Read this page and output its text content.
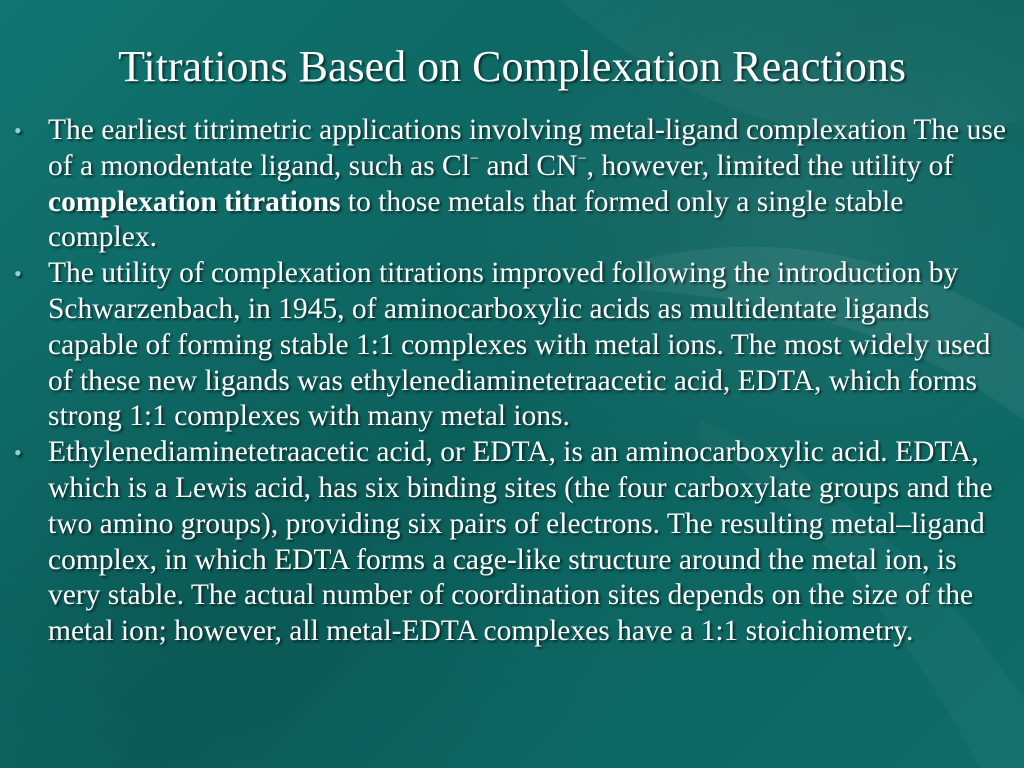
Titrations Based on Complexation Reactions
• The earliest titrimetric applications involving metal-ligand complexation The use of a monodentate ligand, such as Cl− and CN−, however, limited the utility of complexation titrations to those metals that formed only a single stable complex.
• The utility of complexation titrations improved following the introduction by Schwarzenbach, in 1945, of aminocarboxylic acids as multidentate ligands capable of forming stable 1:1 complexes with metal ions. The most widely used of these new ligands was ethylenediaminetetraacetic acid, EDTA, which forms strong 1:1 complexes with many metal ions.
• Ethylenediaminetetraacetic acid, or EDTA, is an aminocarboxylic acid. EDTA, which is a Lewis acid, has six binding sites (the four carboxylate groups and the two amino groups), providing six pairs of electrons. The resulting metal–ligand complex, in which EDTA forms a cage-like structure around the metal ion, is very stable. The actual number of coordination sites depends on the size of the metal ion; however, all metal-EDTA complexes have a 1:1 stoichiometry.
